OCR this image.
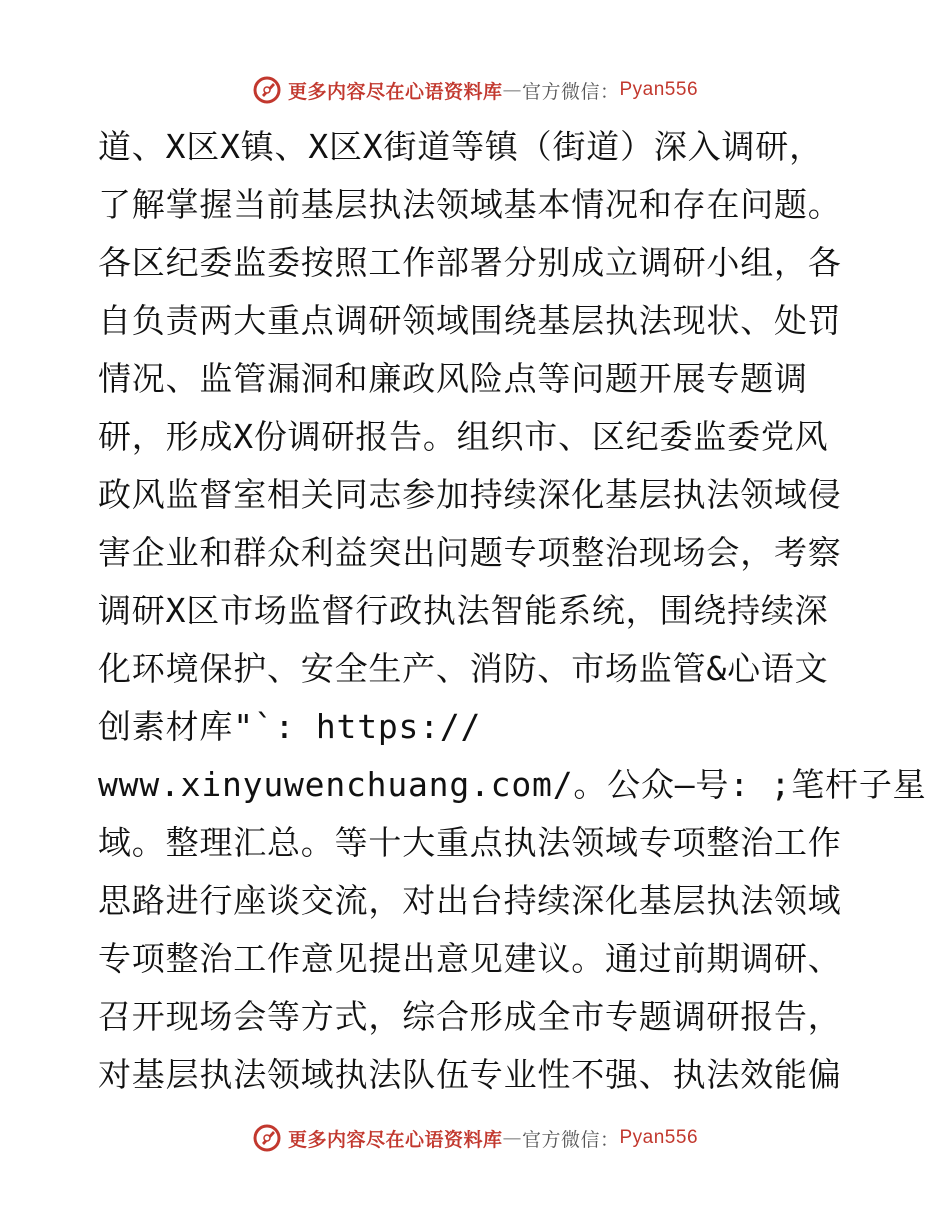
更多内容尽在心语资料库 — 官方微信： Pyan556
道、X区X镇、X区X街道等镇（街道）深入调研，
了解掌握当前基层执法领域基本情况和存在问题。
各区纪委监委按照工作部署分别成立调研小组，各
自负责两大重点调研领域围绕基层执法现状、处罚
情况、监管漏洞和廉政风险点等问题开展专题调
研，形成X份调研报告。组织市、区纪委监委党风
政风监督室相关同志参加持续深化基层执法领域侵
害企业和群众利益突出问题专项整治现场会，考察
调研X区市场监督行政执法智能系统，围绕持续深
化环境保护、安全生产、消防、市场监管&心语文
创素材库"`: https://
www.xinyuwenchuang.com/。公众—号: ;笔杆子星
域。整理汇总。等十大重点执法领域专项整治工作
思路进行座谈交流，对出台持续深化基层执法领域
专项整治工作意见提出意见建议。通过前期调研、
召开现场会等方式，综合形成全市专题调研报告，
对基层执法领域执法队伍专业性不强、执法效能偏
更多内容尽在心语资料库 — 官方微信： Pyan556
